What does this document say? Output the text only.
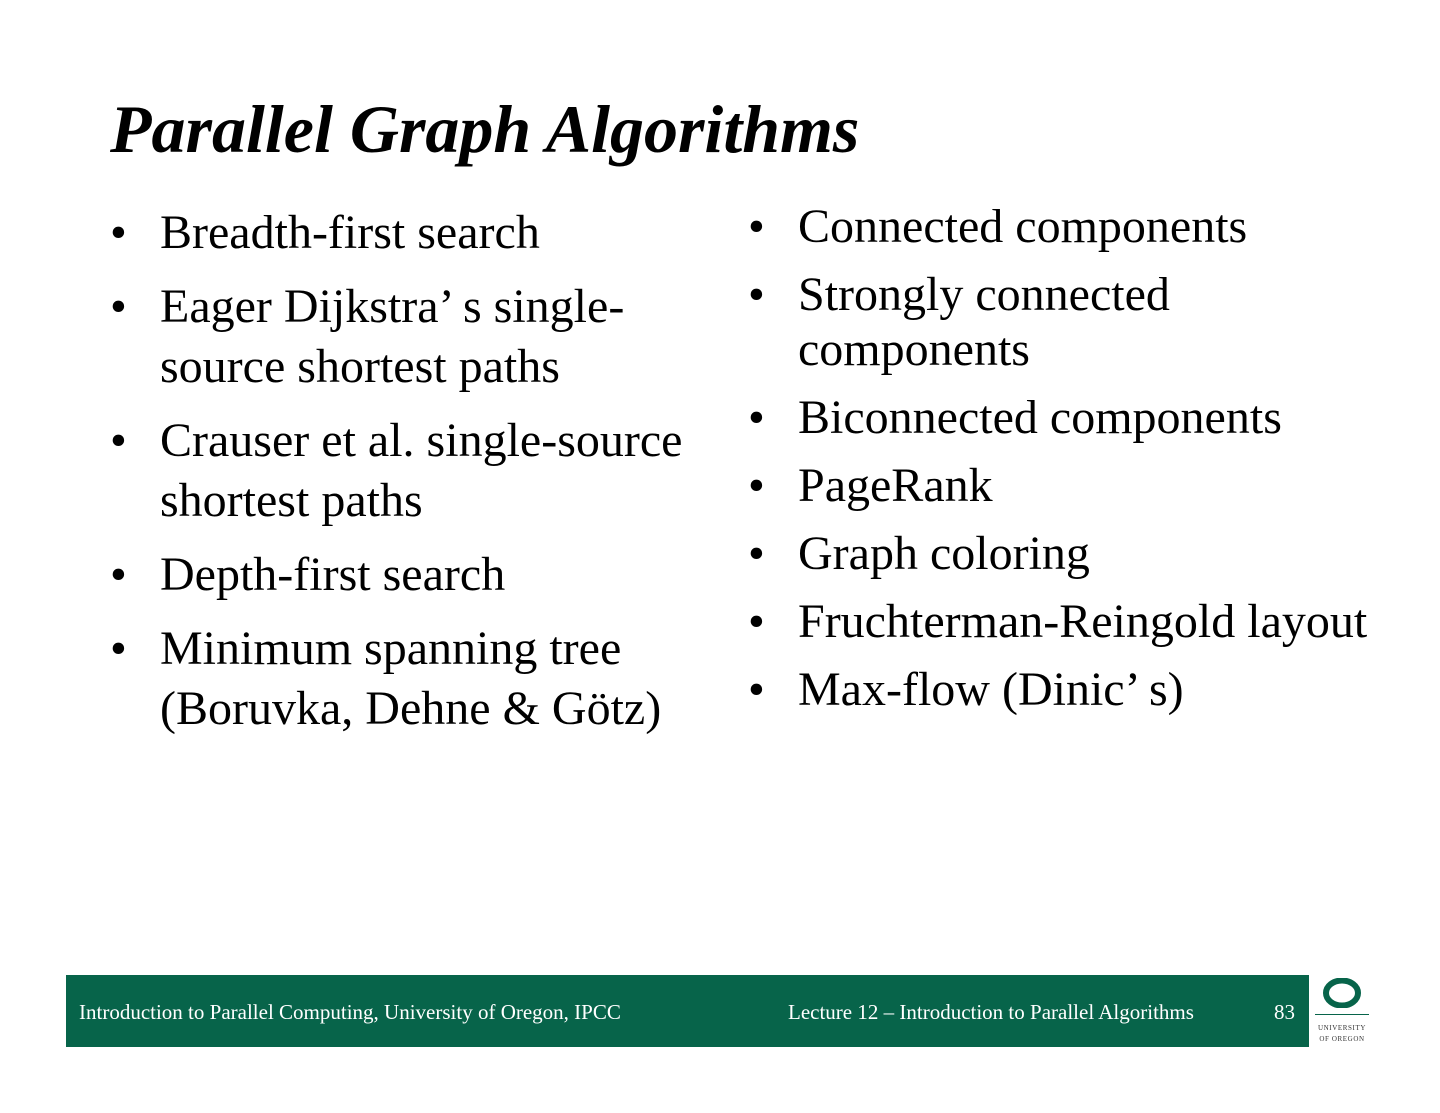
Parallel Graph Algorithms
• Breadth-first search
• Eager Dijkstra’ s single-source shortest paths
• Crauser et al. single-source shortest paths
• Depth-first search
• Minimum spanning tree (Boruvka, Dehne & Götz)
• Connected components
• Strongly connected components
• Biconnected components
• PageRank
• Graph coloring
• Fruchterman-Reingold layout
• Max-flow (Dinic’ s)
Introduction to Parallel Computing, University of Oregon, IPCC	Lecture 12 – Introduction to Parallel Algorithms	83
UNIVERSITY
OF OREGON
